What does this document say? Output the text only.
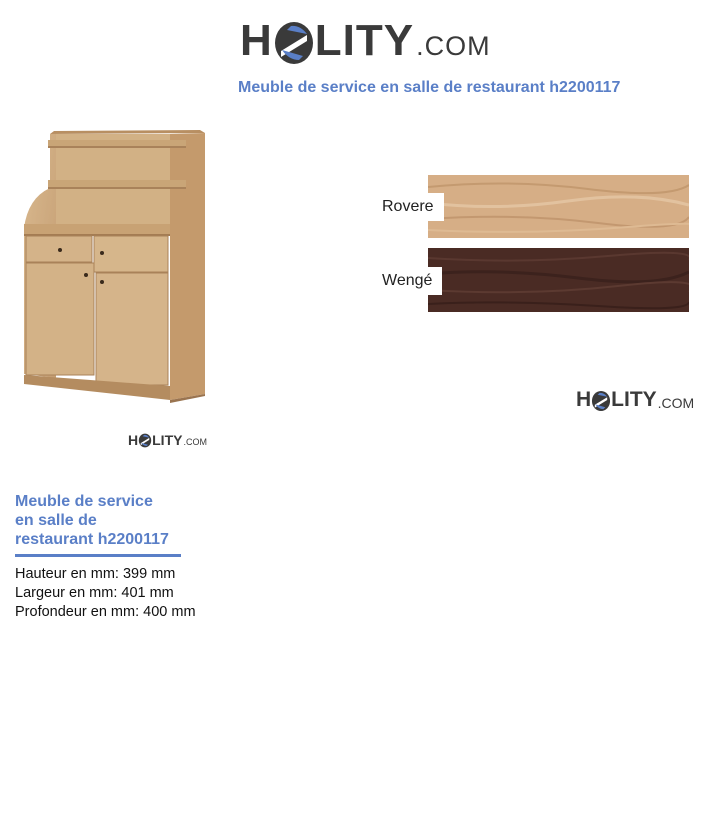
H LITY .COM
Meuble de service en salle de restaurant h2200117
H LITY .COM
Rovere
Wengé
H LITY .COM
Meuble de service
en salle de
restaurant h2200117
Hauteur en mm: 399 mm
Largeur en mm: 401 mm
Profondeur en mm: 400 mm
